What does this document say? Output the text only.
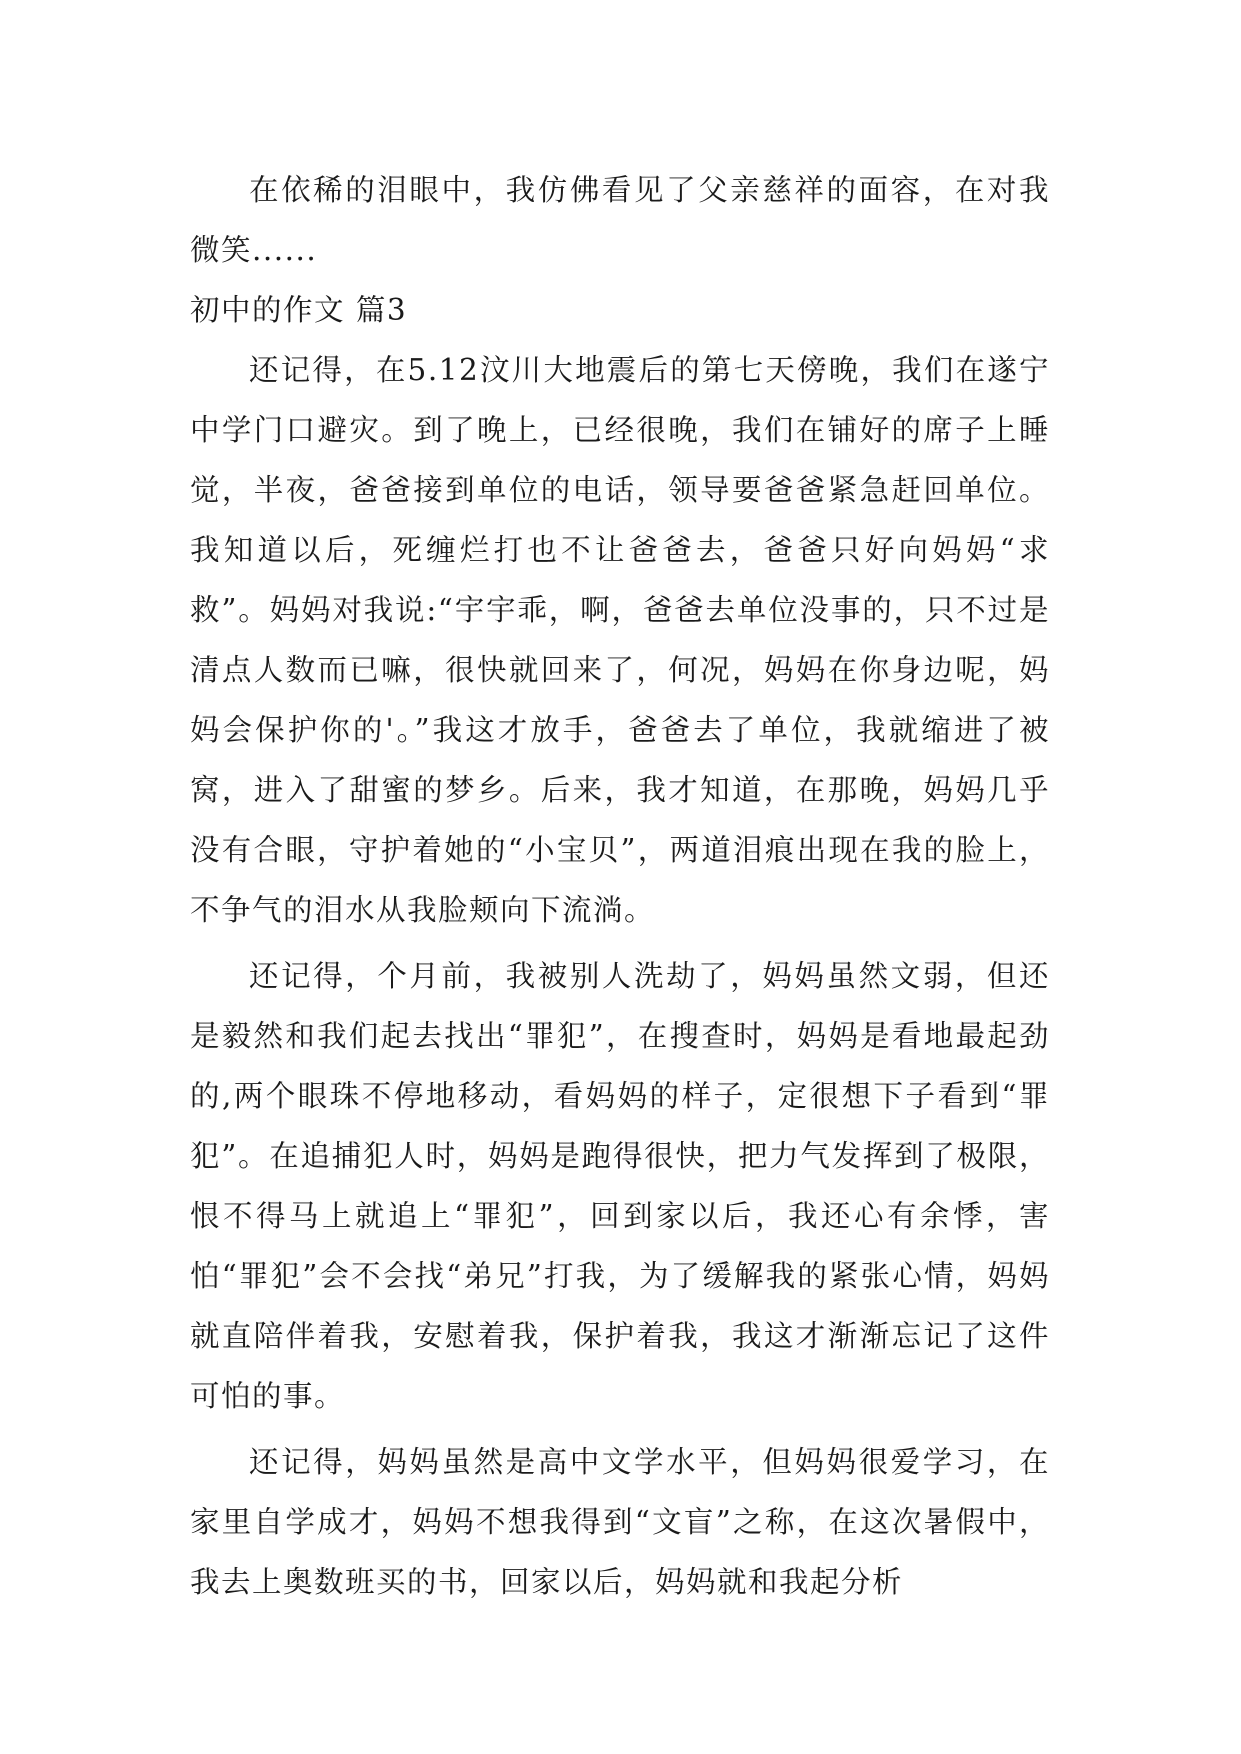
在依稀的泪眼中，我仿佛看见了父亲慈祥的面容，在对我微笑......

初中的作文 篇3

还记得，在5.12汶川大地震后的第七天傍晚，我们在遂宁中学门口避灾。到了晚上，已经很晚，我们在铺好的席子上睡觉，半夜，爸爸接到单位的电话，领导要爸爸紧急赶回单位。我知道以后，死缠烂打也不让爸爸去，爸爸只好向妈妈“求救”。妈妈对我说:“宇宇乖，啊，爸爸去单位没事的，只不过是清点人数而已嘛，很快就回来了，何况，妈妈在你身边呢，妈妈会保护你的'。”我这才放手，爸爸去了单位，我就缩进了被窝，进入了甜蜜的梦乡。后来，我才知道，在那晚，妈妈几乎没有合眼，守护着她的“小宝贝”，两道泪痕出现在我的脸上，不争气的泪水从我脸颊向下流淌。

还记得，个月前，我被别人洗劫了，妈妈虽然文弱，但还是毅然和我们起去找出“罪犯”，在搜查时，妈妈是看地最起劲的,两个眼珠不停地移动，看妈妈的样子，定很想下子看到“罪犯”。在追捕犯人时，妈妈是跑得很快，把力气发挥到了极限，恨不得马上就追上“罪犯”，回到家以后，我还心有余悸，害怕“罪犯”会不会找“弟兄”打我，为了缓解我的紧张心情，妈妈就直陪伴着我，安慰着我，保护着我，我这才渐渐忘记了这件可怕的事。

还记得，妈妈虽然是高中文学水平，但妈妈很爱学习，在家里自学成才，妈妈不想我得到“文盲”之称，在这次暑假中，我去上奥数班买的书，回家以后，妈妈就和我起分析
